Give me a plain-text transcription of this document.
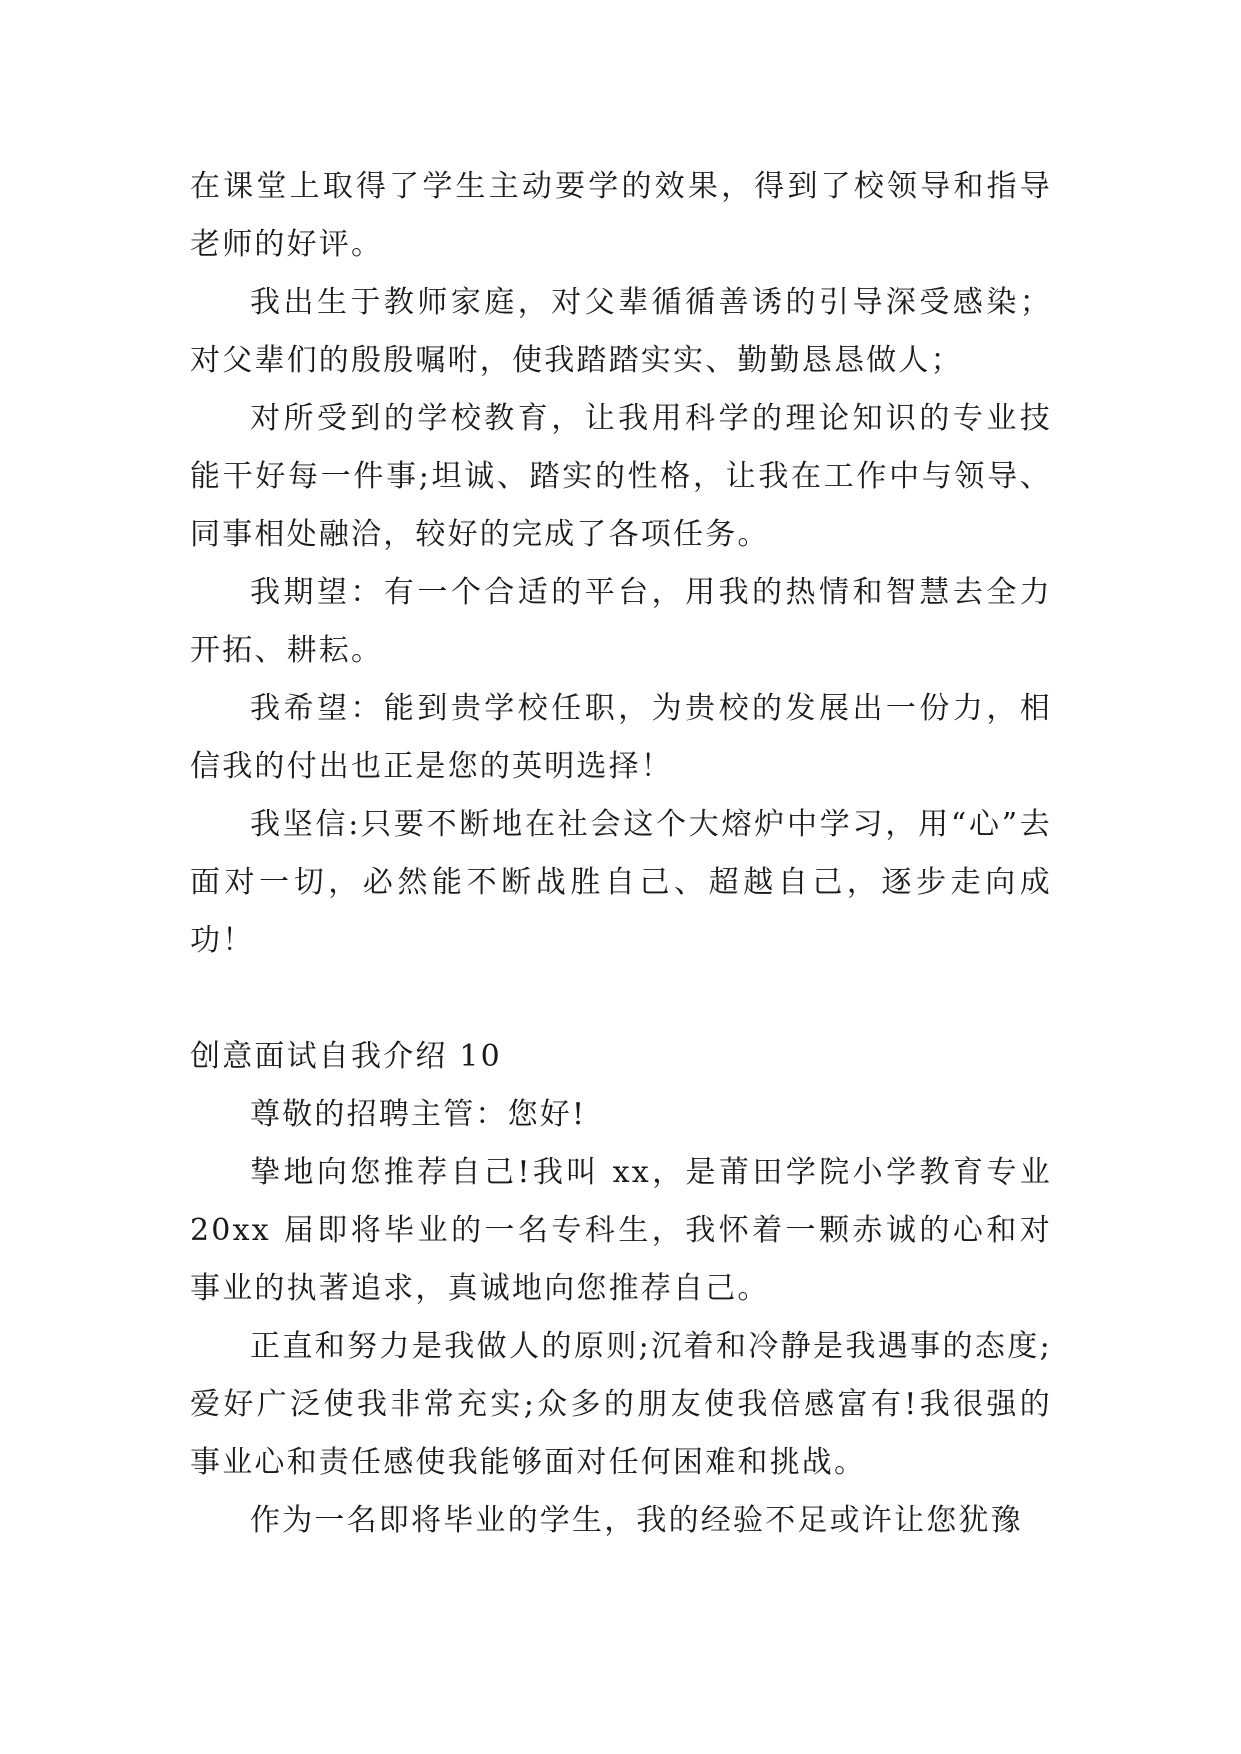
在课堂上取得了学生主动要学的效果，得到了校领导和指导老师的好评。

我出生于教师家庭，对父辈循循善诱的引导深受感染；对父辈们的殷殷嘱咐，使我踏踏实实、勤勤恳恳做人；

对所受到的学校教育，让我用科学的理论知识的专业技能干好每一件事;坦诚、踏实的性格，让我在工作中与领导、同事相处融洽，较好的完成了各项任务。

我期望：有一个合适的平台，用我的热情和智慧去全力开拓、耕耘。

我希望：能到贵学校任职，为贵校的发展出一份力，相信我的付出也正是您的英明选择！

我坚信:只要不断地在社会这个大熔炉中学习，用“心”去面对一切，必然能不断战胜自己、超越自己，逐步走向成功！

创意面试自我介绍 10

尊敬的招聘主管：您好!

挚地向您推荐自己!我叫 xx，是莆田学院小学教育专业 20xx 届即将毕业的一名专科生，我怀着一颗赤诚的心和对事业的执著追求，真诚地向您推荐自己。

正直和努力是我做人的原则;沉着和冷静是我遇事的态度;爱好广泛使我非常充实;众多的朋友使我倍感富有!我很强的事业心和责任感使我能够面对任何困难和挑战。

作为一名即将毕业的学生，我的经验不足或许让您犹豫
